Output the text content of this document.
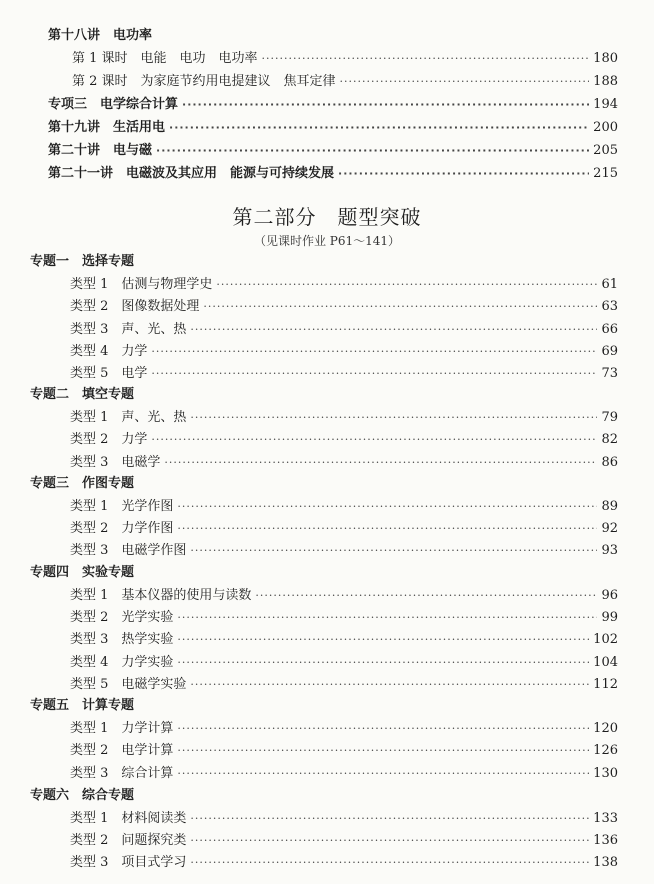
第十八讲　电功率
第 1 课时　电能　电功　电功率 ·····	180
第 2 课时　为家庭节约用电提建议　焦耳定律 ·····	188
专项三　电学综合计算 ·····	194
第十九讲　生活用电 ·····	200
第二十讲　电与磁 ·····	205
第二十一讲　电磁波及其应用　能源与可持续发展 ·····	215
第二部分　题型突破
（见课时作业 P61～141）
专题一　选择专题
类型 1　估测与物理学史 ·····	61
类型 2　图像数据处理 ·····	63
类型 3　声、光、热 ·····	66
类型 4　力学 ·····	69
类型 5　电学 ·····	73
专题二　填空专题
类型 1　声、光、热 ·····	79
类型 2　力学 ·····	82
类型 3　电磁学 ·····	86
专题三　作图专题
类型 1　光学作图 ·····	89
类型 2　力学作图 ·····	92
类型 3　电磁学作图 ·····	93
专题四　实验专题
类型 1　基本仪器的使用与读数 ·····	96
类型 2　光学实验 ·····	99
类型 3　热学实验 ·····	102
类型 4　力学实验 ·····	104
类型 5　电磁学实验 ·····	112
专题五　计算专题
类型 1　力学计算 ·····	120
类型 2　电学计算 ·····	126
类型 3　综合计算 ·····	130
专题六　综合专题
类型 1　材料阅读类 ·····	133
类型 2　问题探究类 ·····	136
类型 3　项目式学习 ·····	138
